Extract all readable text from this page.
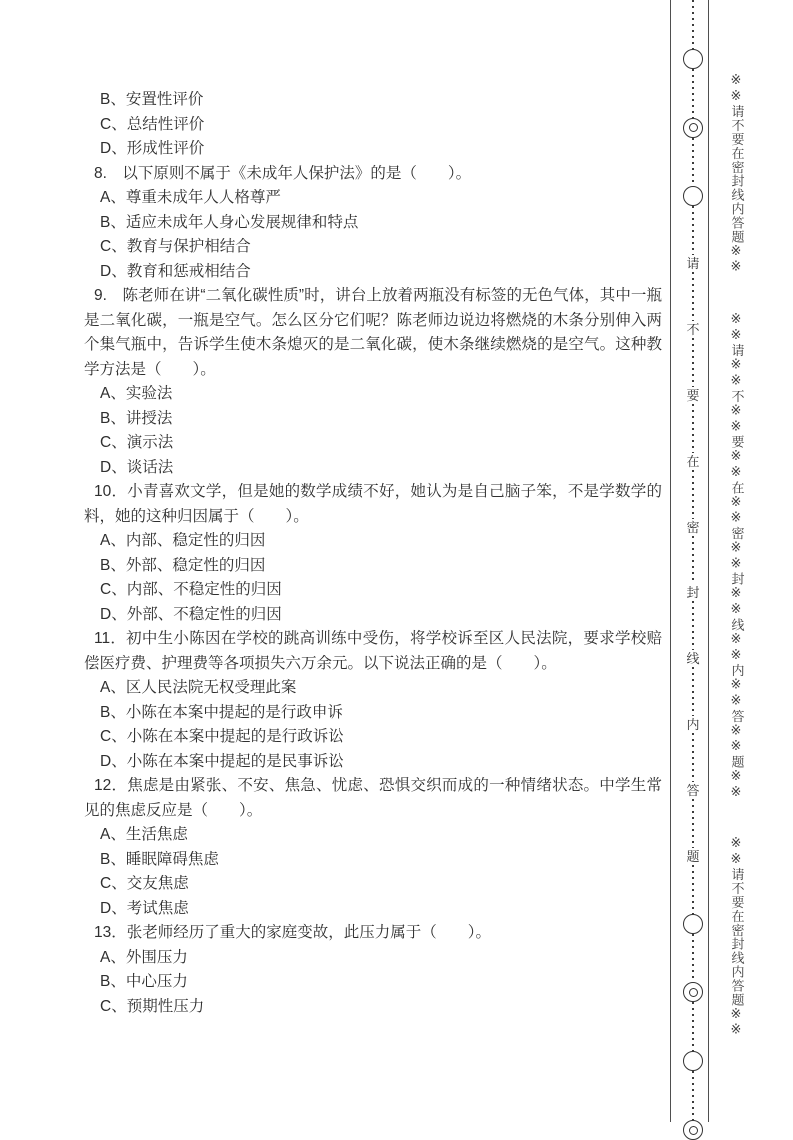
B、安置性评价

C、总结性评价

D、形成性评价

8.　以下原则不属于《未成年人保护法》的是（　　）。

A、尊重未成年人人格尊严

B、适应未成年人身心发展规律和特点

C、教育与保护相结合

D、教育和惩戒相结合

9.　陈老师在讲“二氧化碳性质”时，讲台上放着两瓶没有标签的无色气体，其中一瓶是二氧化碳，一瓶是空气。怎么区分它们呢？陈老师边说边将燃烧的木条分别伸入两个集气瓶中，告诉学生使木条熄灭的是二氧化碳，使木条继续燃烧的是空气。这种教学方法是（　　）。

A、实验法

B、讲授法

C、演示法

D、谈话法

10．小青喜欢文学，但是她的数学成绩不好，她认为是自己脑子笨，不是学数学的料，她的这种归因属于（　　）。

A、内部、稳定性的归因

B、外部、稳定性的归因

C、内部、不稳定性的归因

D、外部、不稳定性的归因

11．初中生小陈因在学校的跳高训练中受伤，将学校诉至区人民法院，要求学校赔偿医疗费、护理费等各项损失六万余元。以下说法正确的是（　　）。

A、区人民法院无权受理此案

B、小陈在本案中提起的是行政申诉

C、小陈在本案中提起的是行政诉讼

D、小陈在本案中提起的是民事诉讼

12．焦虑是由紧张、不安、焦急、忧虑、恐惧交织而成的一种情绪状态。中学生常见的焦虑反应是（　　）。

A、生活焦虑

B、睡眠障碍焦虑

C、交友焦虑

D、考试焦虑

13．张老师经历了重大的家庭变故，此压力属于（　　）。

A、外围压力

B、中心压力

C、预期性压力

请
不
要
在
密
封
线
内
答
题
※※请不要在密封线内答题※※
※※请※※不※※要※※在※※密※※封※※线※※内※※答※※题※※
※※请不要在密封线内答题※※
